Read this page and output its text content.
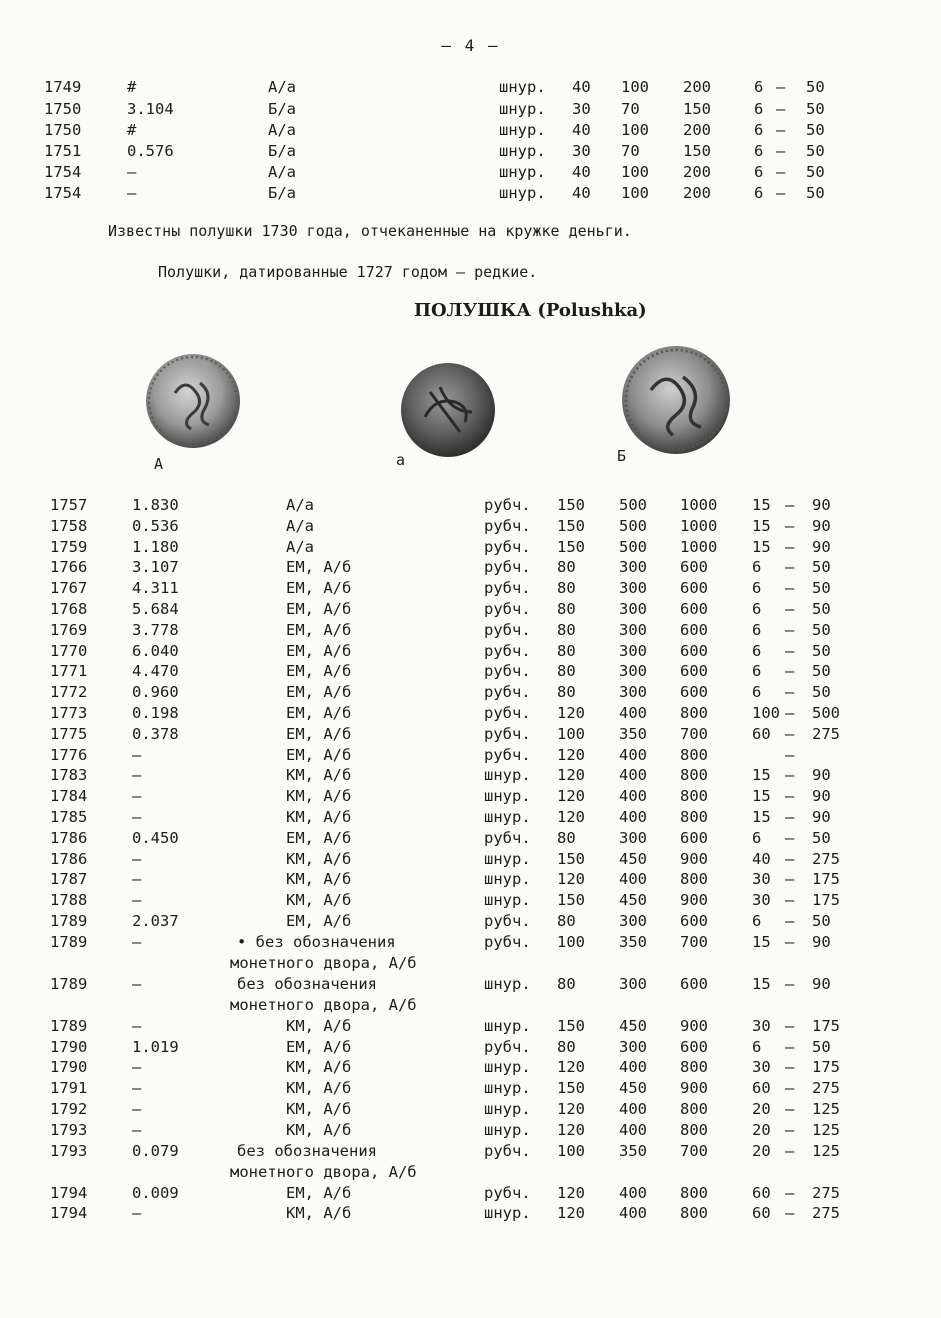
— 4 —
1749	#	А/а	шнур. 40 100 200	6 – 50
1750	3.104	Б/а	шнур. 30 70	150	6 – 50
1750	#	А/а	шнур. 40 100 200	6 – 50
1751	0.576	Б/а	шнур. 30 70	150	6 – 50
1754	–	А/а	шнур. 40 100 200	6 – 50
1754	–	Б/а	шнур. 40 100 200	6 – 50
Известны полушки 1730 года, отчеканенные на кружке деньги.
Полушки, датированные 1727 годом – редкие.
ПОЛУШКА (Polushka)
А	а	Б
1757	1.830	А/а	рубч. 150 500 1000 15 – 90
1758	0.536	А/а	рубч. 150 500 1000 15 – 90
1759	1.180	А/а	рубч. 150 500 1000 15 – 90
1766	3.107	ЕМ, А/б	рубч. 80	300 600	6 – 50
1767	4.311	ЕМ, А/б	рубч. 80	300 600	6 – 50
1768	5.684	ЕМ, А/б	рубч. 80	300 600	6 – 50
1769	3.778	ЕМ, А/б	рубч. 80	300 600	6 – 50
1770	6.040	ЕМ, А/б	рубч. 80	300 600	6 – 50
1771	4.470	ЕМ, А/б	рубч. 80	300 600	6 – 50
1772	0.960	ЕМ, А/б	рубч. 80	300 600	6 – 50
1773	0.198	ЕМ, А/б	рубч. 120 400 800	100 – 500
1775	0.378	ЕМ, А/б	рубч. 100 350 700	60 – 275
1776	–	ЕМ, А/б	рубч. 120 400 800	–
1783	–	КМ, А/б	шнур. 120 400 800	15 – 90
1784	–	КМ, А/б	шнур. 120 400 800	15 – 90
1785	–	КМ, А/б	шнур. 120 400 800	15 – 90
1786	0.450	ЕМ, А/б	рубч. 80	300 600	6 – 50
1786	–	КМ, А/б	шнур. 150 450 900	40 – 275
1787	–	КМ, А/б	шнур. 120 400 800	30 – 175
1788	–	КМ, А/б	шнур. 150 450 900	30 – 175
1789	2.037	ЕМ, А/б	рубч. 80	300 600	6 – 50
1789	–	• без обозначения	рубч. 100 350 700	15 – 90
монетного двора, А/б
1789	–	без обозначения	шнур. 80	300 600	15 – 90
монетного двора, А/б
1789	–	КМ, А/б	шнур. 150 450 900	30 – 175
1790	1.019	ЕМ, А/б	рубч. 80	300 600	6 – 50
1790	–	КМ, А/б	шнур. 120 400 800	30 – 175
1791	–	КМ, А/б	шнур. 150 450 900	60 – 275
1792	–	КМ, А/б	шнур. 120 400 800	20 – 125
1793	–	КМ, А/б	шнур. 120 400 800	20 – 125
1793	0.079	без обозначения	рубч. 100 350 700	20 – 125
монетного двора, А/б
1794	0.009	ЕМ, А/б	рубч. 120 400 800	60 – 275
1794	–	КМ, А/б	шнур. 120 400 800	60 – 275
